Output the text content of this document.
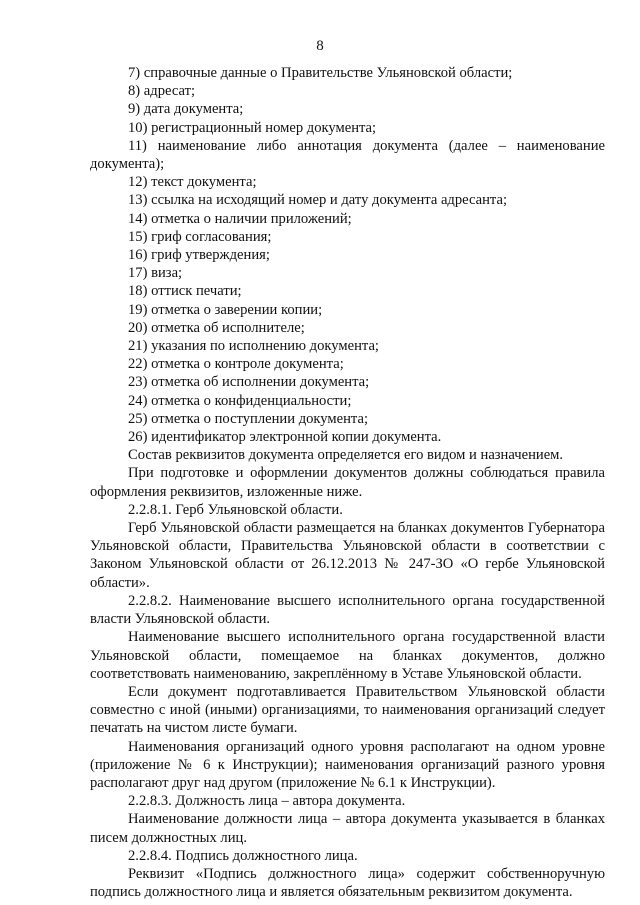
8

7) справочные данные о Правительстве Ульяновской области;

8) адресат;

9) дата документа;

10) регистрационный номер документа;

11) наименование либо аннотация документа (далее – наименование документа);

12) текст документа;

13) ссылка на исходящий номер и дату документа адресанта;

14) отметка о наличии приложений;

15) гриф согласования;

16) гриф утверждения;

17) виза;

18) оттиск печати;

19) отметка о заверении копии;

20) отметка об исполнителе;

21) указания по исполнению документа;

22) отметка о контроле документа;

23) отметка об исполнении документа;

24) отметка о конфиденциальности;

25) отметка о поступлении документа;

26) идентификатор электронной копии документа.

Состав реквизитов документа определяется его видом и назначением.

При подготовке и оформлении документов должны соблюдаться правила оформления реквизитов, изложенные ниже.

2.2.8.1. Герб Ульяновской области.

Герб Ульяновской области размещается на бланках документов Губернатора Ульяновской области, Правительства Ульяновской области в соответствии с Законом Ульяновской области от 26.12.2013 № 247-ЗО «О гербе Ульяновской области».

2.2.8.2. Наименование высшего исполнительного органа государственной власти Ульяновской области.

Наименование высшего исполнительного органа государственной власти Ульяновской области, помещаемое на бланках документов, должно соответствовать наименованию, закреплённому в Уставе Ульяновской области.

Если документ подготавливается Правительством Ульяновской области совместно с иной (иными) организациями, то наименования организаций следует печатать на чистом листе бумаги.

Наименования организаций одного уровня располагают на одном уровне (приложение № 6 к Инструкции); наименования организаций разного уровня располагают друг над другом (приложение № 6.1 к Инструкции).

2.2.8.3. Должность лица – автора документа.

Наименование должности лица – автора документа указывается в бланках писем должностных лиц.

2.2.8.4. Подпись должностного лица.

Реквизит «Подпись должностного лица» содержит собственноручную подпись должностного лица и является обязательным реквизитом документа.
